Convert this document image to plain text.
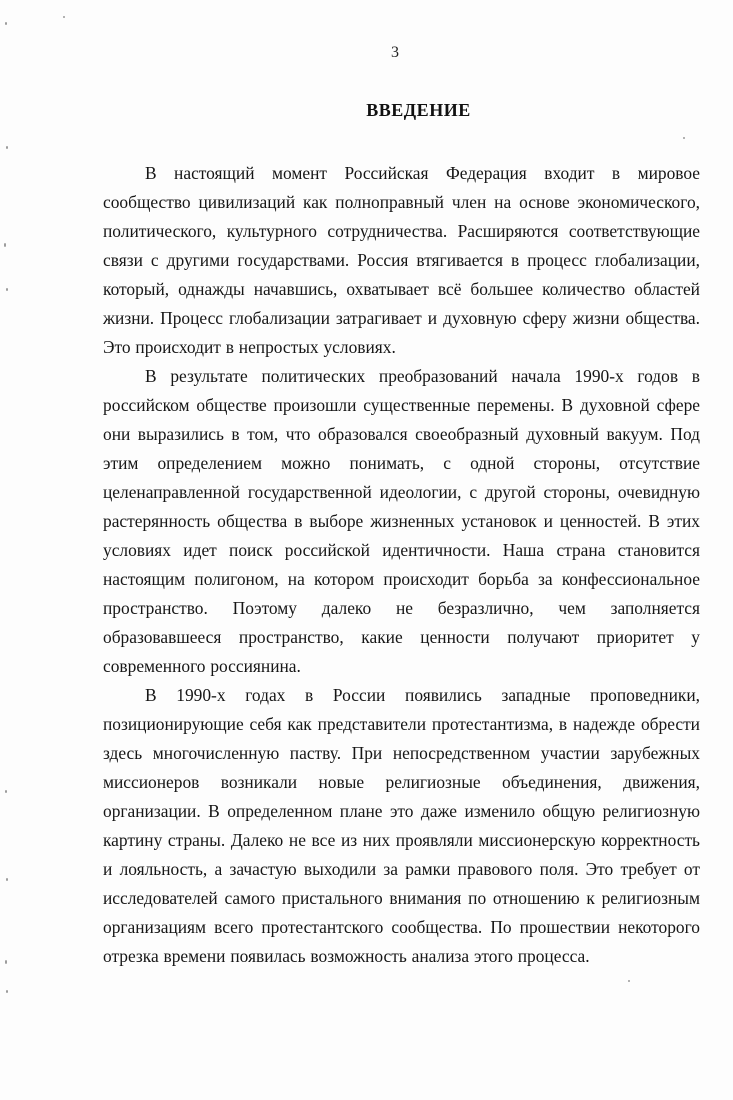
3
ВВЕДЕНИЕ

В настоящий момент Российская Федерация входит в мировое сообщество цивилизаций как полноправный член на основе экономического, политического, культурного сотрудничества. Расширяются соответствующие связи с другими государствами. Россия втягивается в процесс глобализации, который, однажды начавшись, охватывает всё большее количество областей жизни. Процесс глобализации затрагивает и духовную сферу жизни общества. Это происходит в непростых условиях.

В результате политических преобразований начала 1990-х годов в российском обществе произошли существенные перемены. В духовной сфере они выразились в том, что образовался своеобразный духовный вакуум. Под этим определением можно понимать, с одной стороны, отсутствие целенаправленной государственной идеологии, с другой стороны, очевидную растерянность общества в выборе жизненных установок и ценностей. В этих условиях идет поиск российской идентичности. Наша страна становится настоящим полигоном, на котором происходит борьба за конфессиональное пространство. Поэтому далеко не безразлично, чем заполняется образовавшееся пространство, какие ценности получают приоритет у современного россиянина.

В 1990-х годах в России появились западные проповедники, позиционирующие себя как представители протестантизма, в надежде обрести здесь многочисленную паству. При непосредственном участии зарубежных миссионеров возникали новые религиозные объединения, движения, организации. В определенном плане это даже изменило общую религиозную картину страны. Далеко не все из них проявляли миссионерскую корректность и лояльность, а зачастую выходили за рамки правового поля. Это требует от исследователей самого пристального внимания по отношению к религиозным организациям всего протестантского сообщества. По прошествии некоторого отрезка времени появилась возможность анализа этого процесса.
